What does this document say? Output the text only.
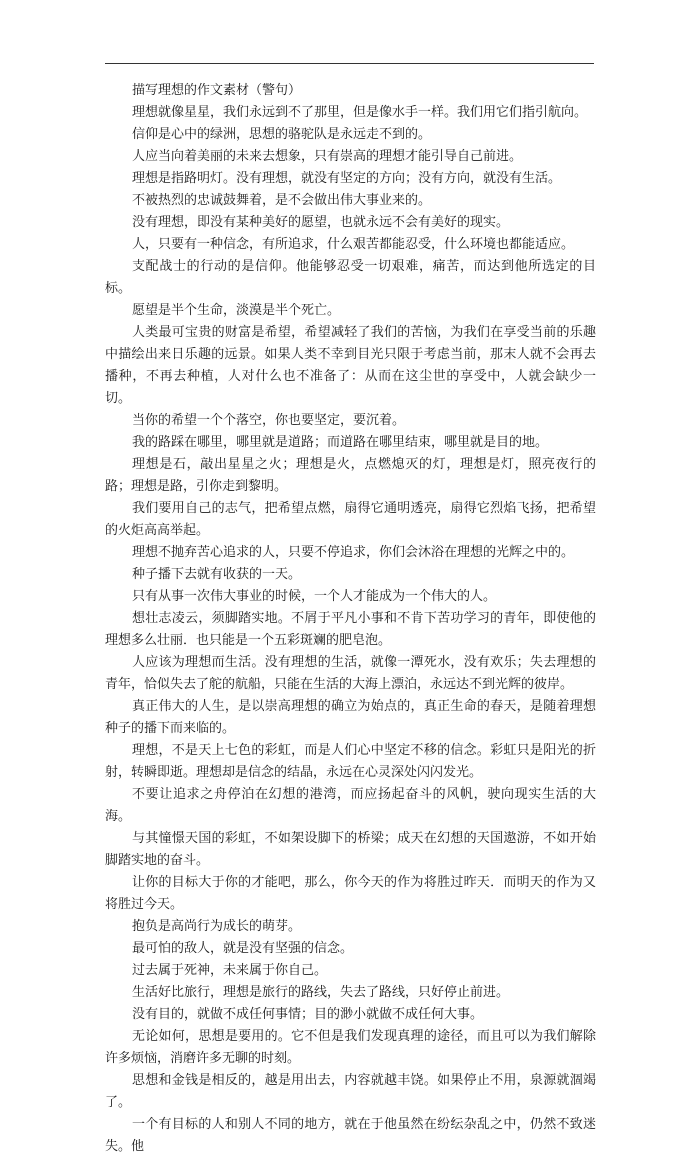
描写理想的作文素材（警句）

理想就像星星，我们永远到不了那里，但是像水手一样。我们用它们指引航向。

信仰是心中的绿洲，思想的骆驼队是永远走不到的。

人应当向着美丽的未来去想象，只有崇高的理想才能引导自己前进。

理想是指路明灯。没有理想，就没有坚定的方向；没有方向，就没有生活。

不被热烈的忠诚鼓舞着，是不会做出伟大事业来的。

没有理想，即没有某种美好的愿望，也就永远不会有美好的现实。

人，只要有一种信念，有所追求，什么艰苦都能忍受，什么环境也都能适应。

支配战士的行动的是信仰。他能够忍受一切艰难，痛苦，而达到他所选定的目标。

愿望是半个生命，淡漠是半个死亡。

人类最可宝贵的财富是希望，希望减轻了我们的苦恼，为我们在享受当前的乐趣中描绘出来日乐趣的远景。如果人类不幸到目光只限于考虑当前，那末人就不会再去播种，不再去种植，人对什么也不准备了：从而在这尘世的享受中，人就会缺少一切。

当你的希望一个个落空，你也要坚定，要沉着。

我的路踩在哪里，哪里就是道路；而道路在哪里结束，哪里就是目的地。

理想是石，敲出星星之火；理想是火，点燃熄灭的灯，理想是灯，照亮夜行的路；理想是路，引你走到黎明。

我们要用自己的志气，把希望点燃，扇得它通明透亮，扇得它烈焰飞扬，把希望的火炬高高举起。

理想不抛弃苦心追求的人，只要不停追求，你们会沐浴在理想的光辉之中的。

种子播下去就有收获的一天。

只有从事一次伟大事业的时候，一个人才能成为一个伟大的人。

想壮志凌云，须脚踏实地。不屑于平凡小事和不肯下苦功学习的青年，即使他的理想多么壮丽．也只能是一个五彩斑斓的肥皂泡。

人应该为理想而生活。没有理想的生活，就像一潭死水，没有欢乐；失去理想的青年，恰似失去了舵的航船，只能在生活的大海上漂泊，永远达不到光辉的彼岸。

真正伟大的人生，是以崇高理想的确立为始点的，真正生命的春天，是随着理想种子的播下而来临的。

理想，不是天上七色的彩虹，而是人们心中坚定不移的信念。彩虹只是阳光的折射，转瞬即逝。理想却是信念的结晶，永远在心灵深处闪闪发光。

不要让追求之舟停泊在幻想的港湾，而应扬起奋斗的风帆，驶向现实生活的大海。

与其憧憬天国的彩虹，不如架设脚下的桥梁；成天在幻想的天国遨游，不如开始脚踏实地的奋斗。

让你的目标大于你的才能吧，那么，你今天的作为将胜过昨天．而明天的作为又将胜过今天。

抱负是高尚行为成长的萌芽。

最可怕的敌人，就是没有坚强的信念。

过去属于死神，未来属于你自己。

生活好比旅行，理想是旅行的路线，失去了路线，只好停止前进。

没有目的，就做不成任何事情；目的渺小就做不成任何大事。

无论如何，思想是要用的。它不但是我们发现真理的途径，而且可以为我们解除许多烦恼，消磨许多无聊的时刻。

思想和金钱是相反的，越是用出去，内容就越丰饶。如果停止不用，泉源就涸竭了。

一个有目标的人和别人不同的地方，就在于他虽然在纷纭杂乱之中，仍然不致迷失。他
